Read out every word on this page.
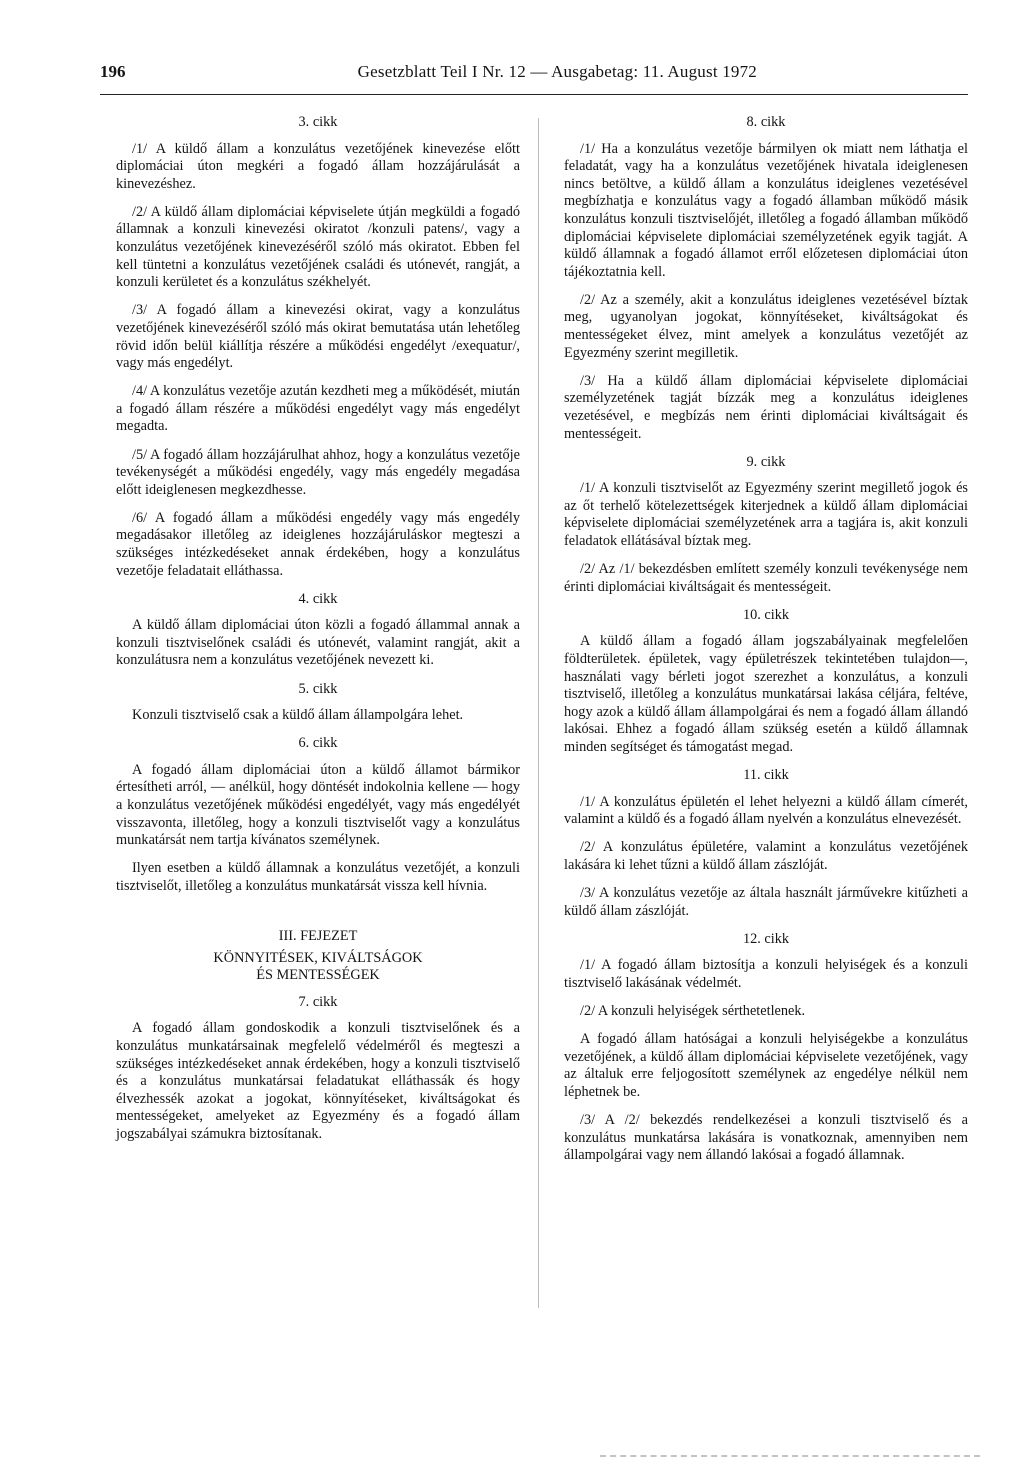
196	Gesetzblatt Teil I Nr. 12 — Ausgabetag: 11. August 1972
3. cikk

/1/ A küldő állam a konzulátus vezetőjének kinevezése előtt diplomáciai úton megkéri a fogadó állam hozzájárulását a kinevezéshez.

/2/ A küldő állam diplomáciai képviselete útján megküldi a fogadó államnak a konzuli kinevezési okiratot /konzuli patens/, vagy a konzulátus vezetőjének kinevezéséről szóló más okiratot. Ebben fel kell tüntetni a konzulátus vezetőjének családi és utónevét, rangját, a konzuli kerületet és a konzulátus székhelyét.

/3/ A fogadó állam a kinevezési okirat, vagy a konzulátus vezetőjének kinevezéséről szóló más okirat bemutatása után lehetőleg rövid időn belül kiállítja részére a működési engedélyt /exequatur/, vagy más engedélyt.

/4/ A konzulátus vezetője azután kezdheti meg a működését, miután a fogadó állam részére a működési engedélyt vagy más engedélyt megadta.

/5/ A fogadó állam hozzájárulhat ahhoz, hogy a konzulátus vezetője tevékenységét a működési engedély, vagy más engedély megadása előtt ideiglenesen megkezdhesse.

/6/ A fogadó állam a működési engedély vagy más engedély megadásakor illetőleg az ideiglenes hozzájáruláskor megteszi a szükséges intézkedéseket annak érdekében, hogy a konzulátus vezetője feladatait elláthassa.

4. cikk

A küldő állam diplomáciai úton közli a fogadó állammal annak a konzuli tisztviselőnek családi és utónevét, valamint rangját, akit a konzulátusra nem a konzulátus vezetőjének nevezett ki.

5. cikk

Konzuli tisztviselő csak a küldő állam állampolgára lehet.

6. cikk

A fogadó állam diplomáciai úton a küldő államot bármikor értesítheti arról, — anélkül, hogy döntését indokolnia kellene — hogy a konzulátus vezetőjének működési engedélyét, vagy más engedélyét visszavonta, illetőleg, hogy a konzuli tisztviselőt vagy a konzulátus munkatársát nem tartja kívánatos személynek.

Ilyen esetben a küldő államnak a konzulátus vezetőjét, a konzuli tisztviselőt, illetőleg a konzulátus munkatársát vissza kell hívnia.

III. FEJEZET
KÖNNYITÉSEK, KIVÁLTSÁGOK
ÉS MENTESSÉGEK
7. cikk

A fogadó állam gondoskodik a konzuli tisztviselőnek és a konzulátus munkatársainak megfelelő védelméről és megteszi a szükséges intézkedéseket annak érdekében, hogy a konzuli tisztviselő és a konzulátus munkatársai feladatukat elláthassák és hogy élvezhessék azokat a jogokat, könnyítéseket, kiváltságokat és mentességeket, amelyeket az Egyezmény és a fogadó állam jogszabályai számukra biztosítanak.

8. cikk

/1/ Ha a konzulátus vezetője bármilyen ok miatt nem láthatja el feladatát, vagy ha a konzulátus vezetőjének hivatala ideiglenesen nincs betöltve, a küldő állam a konzulátus ideiglenes vezetésével megbízhatja e konzulátus vagy a fogadó államban működő másik konzulátus konzuli tisztviselőjét, illetőleg a fogadó államban működő diplomáciai képviselete diplomáciai személyzetének egyik tagját. A küldő államnak a fogadó államot erről előzetesen diplomáciai úton tájékoztatnia kell.

/2/ Az a személy, akit a konzulátus ideiglenes vezetésével bíztak meg, ugyanolyan jogokat, könnyítéseket, kiváltságokat és mentességeket élvez, mint amelyek a konzulátus vezetőjét az Egyezmény szerint megilletik.

/3/ Ha a küldő állam diplomáciai képviselete diplomáciai személyzetének tagját bízzák meg a konzulátus ideiglenes vezetésével, e megbízás nem érinti diplomáciai kiváltságait és mentességeit.

9. cikk

/1/ A konzuli tisztviselőt az Egyezmény szerint megillető jogok és az őt terhelő kötelezettségek kiterjednek a küldő állam diplomáciai képviselete diplomáciai személyzetének arra a tagjára is, akit konzuli feladatok ellátásával bíztak meg.

/2/ Az /1/ bekezdésben említett személy konzuli tevékenysége nem érinti diplomáciai kiváltságait és mentességeit.

10. cikk

A küldő állam a fogadó állam jogszabályainak megfelelően földterületek. épületek, vagy épületrészek tekintetében tulajdon—, használati vagy bérleti jogot szerezhet a konzulátus, a konzuli tisztviselő, illetőleg a konzulátus munkatársai lakása céljára, feltéve, hogy azok a küldő állam állampolgárai és nem a fogadó állam állandó lakósai. Ehhez a fogadó állam szükség esetén a küldő államnak minden segítséget és támogatást megad.

11. cikk

/1/ A konzulátus épületén el lehet helyezni a küldő állam címerét, valamint a küldő és a fogadó állam nyelvén a konzulátus elnevezését.

/2/ A konzulátus épületére, valamint a konzulátus vezetőjének lakására ki lehet tűzni a küldő állam zászlóját.

/3/ A konzulátus vezetője az általa használt járművekre kitűzheti a küldő állam zászlóját.

12. cikk

/1/ A fogadó állam biztosítja a konzuli helyiségek és a konzuli tisztviselő lakásának védelmét.

/2/ A konzuli helyiségek sérthetetlenek.

A fogadó állam hatóságai a konzuli helyiségekbe a konzulátus vezetőjének, a küldő állam diplomáciai képviselete vezetőjének, vagy az általuk erre feljogosított személynek az engedélye nélkül nem léphetnek be.

/3/ A /2/ bekezdés rendelkezései a konzuli tisztviselő és a konzulátus munkatársa lakására is vonatkoznak, amennyiben nem állampolgárai vagy nem állandó lakósai a fogadó államnak.
